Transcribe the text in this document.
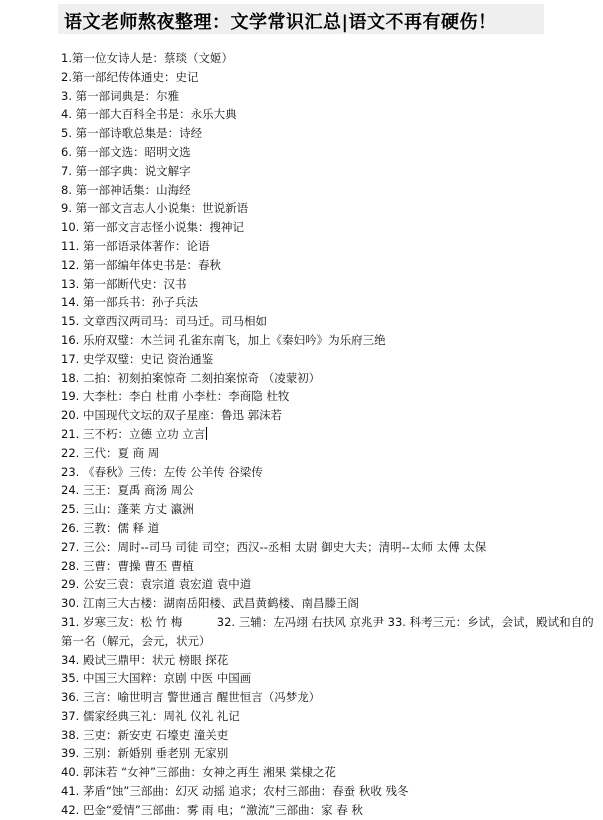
语文老师熬夜整理：文学常识汇总|语文不再有硬伤！
1.第一位女诗人是：蔡琰（文姬）
2.第一部纪传体通史：史记
3. 第一部词典是：尔雅
4. 第一部大百科全书是：永乐大典
5. 第一部诗歌总集是：诗经
6. 第一部文选：昭明文选
7. 第一部字典：说文解字
8. 第一部神话集：山海经
9. 第一部文言志人小说集：世说新语
10. 第一部文言志怪小说集：搜神记
11. 第一部语录体著作：论语
12. 第一部编年体史书是：春秋
13. 第一部断代史：汉书
14. 第一部兵书：孙子兵法
15. 文章西汉两司马：司马迁。司马相如
16. 乐府双璧：木兰词 孔雀东南飞，加上《秦妇吟》为乐府三绝
17. 史学双璧：史记 资治通鉴
18. 二拍：初刻拍案惊奇 二刻拍案惊奇 （凌蒙初）
19. 大李杜：李白 杜甫 小李杜：李商隐 杜牧
20. 中国现代文坛的双子星座：鲁迅 郭沫若
21. 三不朽：立德 立功 立言
22. 三代：夏 商 周
23. 《春秋》三传：左传 公羊传 谷梁传
24. 三王：夏禹 商汤 周公
25. 三山：蓬莱 方丈 瀛洲
26. 三教：儒 释 道
27. 三公：周时--司马 司徒 司空；西汉--丞相 太尉 御史大夫；清明--太师 太傅 太保
28. 三曹：曹操 曹丕 曹植
29. 公安三袁：袁宗道 袁宏道 袁中道
30. 江南三大古楼：湖南岳阳楼、武昌黄鹤楼、南昌滕王阁
31. 岁寒三友：松 竹 梅　　　32. 三辅：左冯翊 右扶风 京兆尹 33. 科考三元：乡试，会试，殿试和自的第一名（解元，会元，状元）
34. 殿试三鼎甲：状元 榜眼 探花
35. 中国三大国粹：京剧 中医 中国画
36. 三言：喻世明言 警世通言 醒世恒言（冯梦龙）
37. 儒家经典三礼：周礼 仪礼 礼记
38. 三吏：新安吏 石壕吏 潼关吏
39. 三别：新婚别 垂老别 无家别
40. 郭沫若 “女神”三部曲：女神之再生 湘果 棠棣之花
41. 茅盾“蚀”三部曲：幻灭 动摇 追求；农村三部曲：春蚕 秋收 残冬
42. 巴金“爱情”三部曲：雾 雨 电；“激流”三部曲：家 春 秋
